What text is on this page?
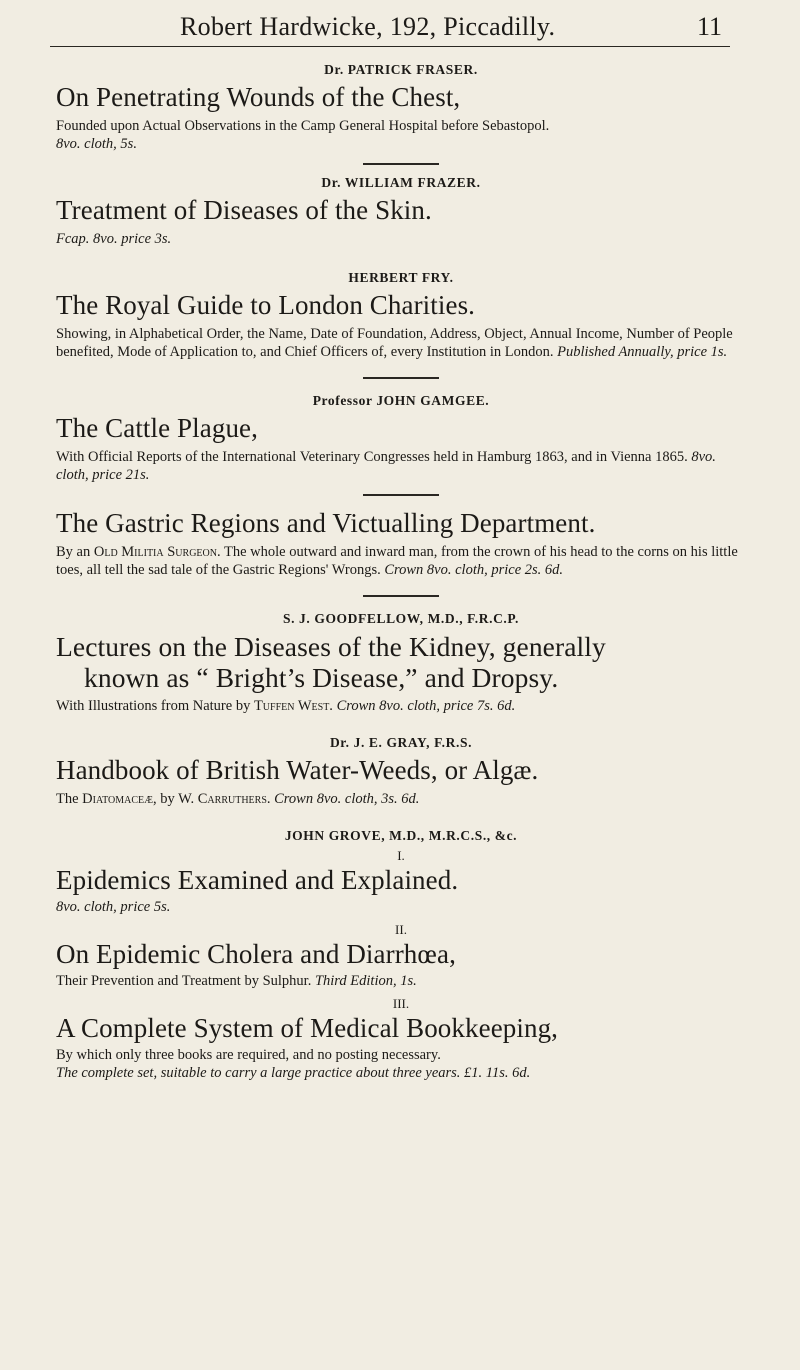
Robert Hardwicke, 192, Piccadilly.	11

Dr. PATRICK FRASER.

On Penetrating Wounds of the Chest,

Founded upon Actual Observations in the Camp General Hospital before Sebastopol.
8vo. cloth, 5s.

Dr. WILLIAM FRAZER.

Treatment of Diseases of the Skin.

Fcap. 8vo. price 3s.

HERBERT FRY.

The Royal Guide to London Charities.

Showing, in Alphabetical Order, the Name, Date of Foundation, Address, Object, Annual Income, Number of People benefited, Mode of Application to, and Chief Officers of, every Institution in London. Published Annually, price 1s.

Professor JOHN GAMGEE.

The Cattle Plague,

With Official Reports of the International Veterinary Congresses held in Hamburg 1863, and in Vienna 1865. 8vo. cloth, price 21s.

The Gastric Regions and Victualling Department.

By an Old Militia Surgeon. The whole outward and inward man, from the crown of his head to the corns on his little toes, all tell the sad tale of the Gastric Regions' Wrongs. Crown 8vo. cloth, price 2s. 6d.

S. J. GOODFELLOW, M.D., F.R.C.P.

Lectures on the Diseases of the Kidney, generally
known as “ Bright’s Disease,” and Dropsy.

With Illustrations from Nature by Tuffen West. Crown 8vo. cloth, price 7s. 6d.

Dr. J. E. GRAY, F.R.S.

Handbook of British Water-Weeds, or Algæ.

The Diatomaceæ, by W. Carruthers. Crown 8vo. cloth, 3s. 6d.

JOHN GROVE, M.D., M.R.C.S., &c.

I.

Epidemics Examined and Explained.

8vo. cloth, price 5s.

II.

On Epidemic Cholera and Diarrhœa,

Their Prevention and Treatment by Sulphur. Third Edition, 1s.

III.

A Complete System of Medical Bookkeeping,

By which only three books are required, and no posting necessary.
The complete set, suitable to carry a large practice about three years. £1. 11s. 6d.
